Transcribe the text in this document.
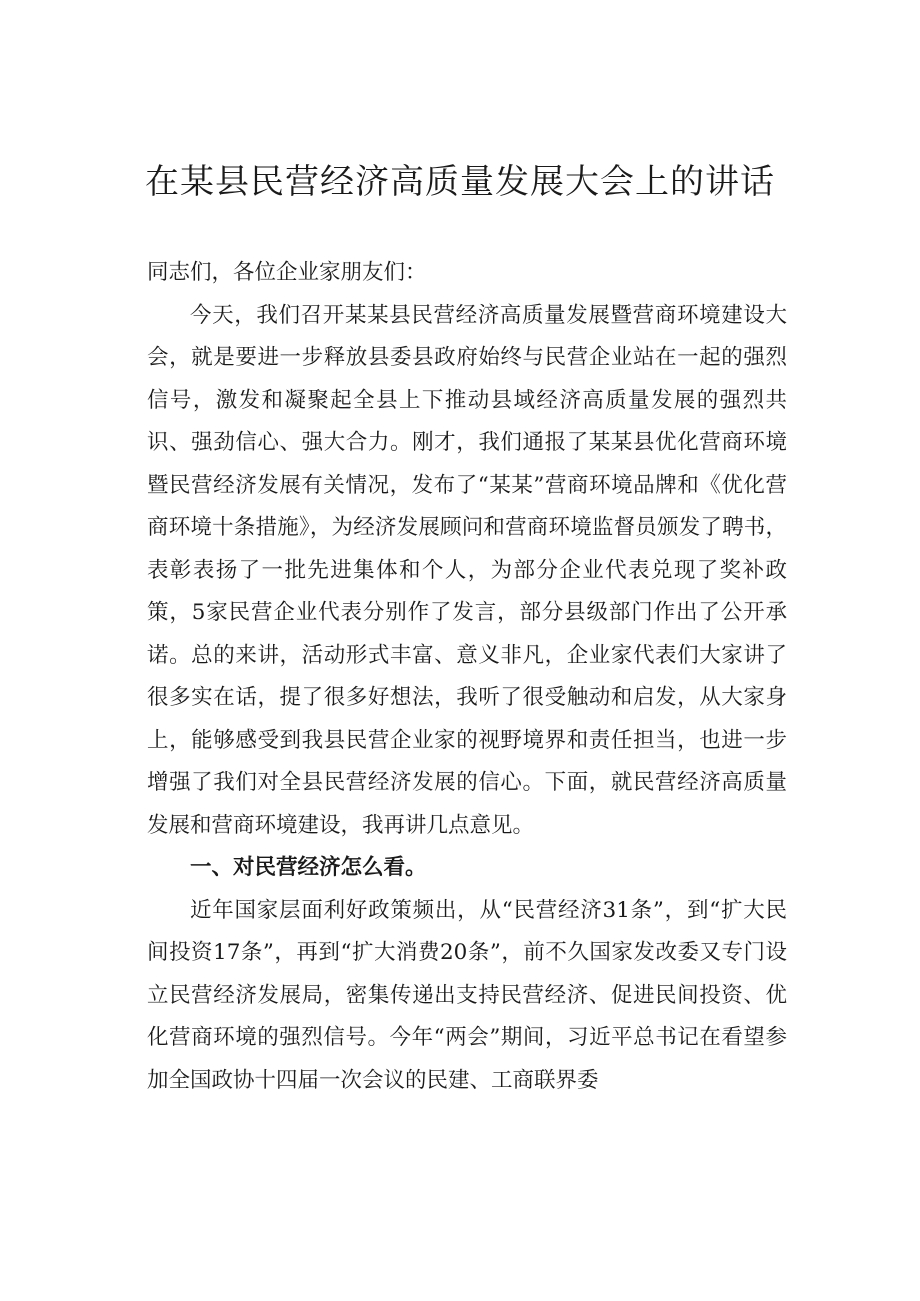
在某县民营经济高质量发展大会上的讲话

同志们，各位企业家朋友们：

今天，我们召开某某县民营经济高质量发展暨营商环境建设大会，就是要进一步释放县委县政府始终与民营企业站在一起的强烈信号，激发和凝聚起全县上下推动县域经济高质量发展的强烈共识、强劲信心、强大合力。刚才，我们通报了某某县优化营商环境暨民营经济发展有关情况，发布了“某某”营商环境品牌和《优化营商环境十条措施》，为经济发展顾问和营商环境监督员颁发了聘书，表彰表扬了一批先进集体和个人，为部分企业代表兑现了奖补政策，5家民营企业代表分别作了发言，部分县级部门作出了公开承诺。总的来讲，活动形式丰富、意义非凡，企业家代表们大家讲了很多实在话，提了很多好想法，我听了很受触动和启发，从大家身上，能够感受到我县民营企业家的视野境界和责任担当，也进一步增强了我们对全县民营经济发展的信心。下面，就民营经济高质量发展和营商环境建设，我再讲几点意见。

一、对民营经济怎么看。

近年国家层面利好政策频出，从“民营经济31条”，到“扩大民间投资17条”，再到“扩大消费20条”，前不久国家发改委又专门设立民营经济发展局，密集传递出支持民营经济、促进民间投资、优化营商环境的强烈信号。今年“两会”期间，习近平总书记在看望参加全国政协十四届一次会议的民建、工商联界委
